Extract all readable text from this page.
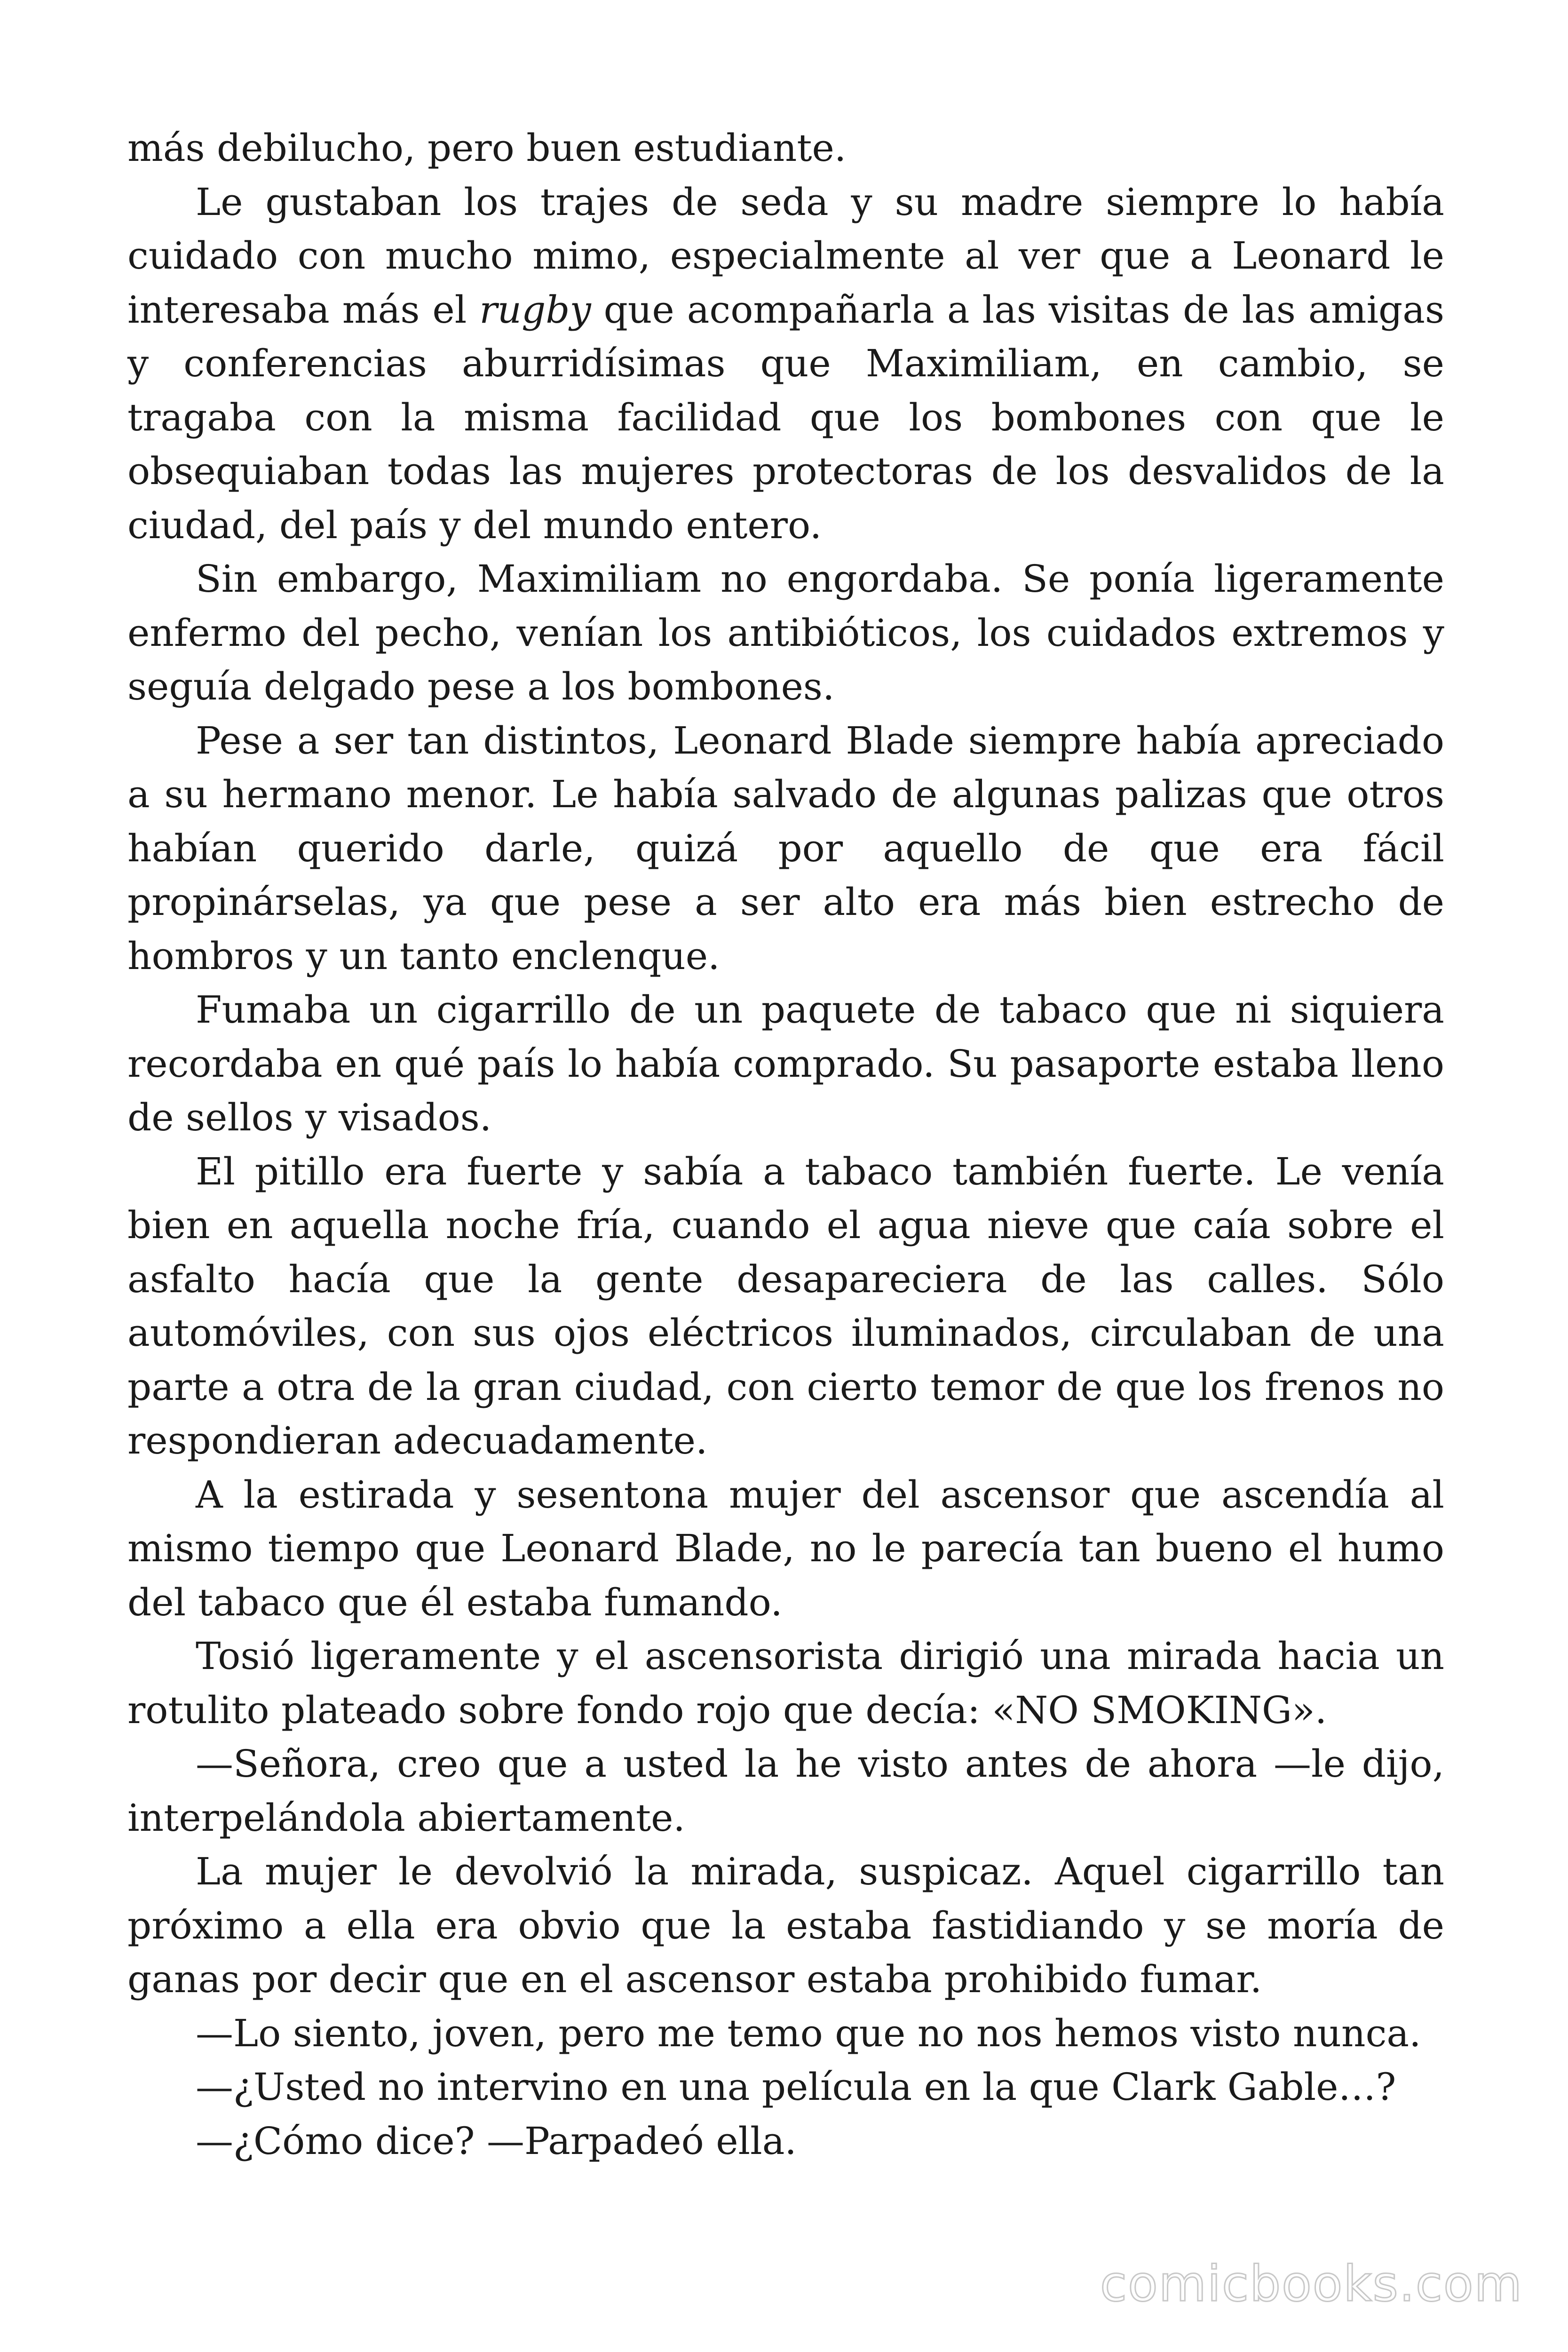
más debilucho, pero buen estudiante.

Le gustaban los trajes de seda y su madre siempre lo había cuidado con mucho mimo, especialmente al ver que a Leonard le interesaba más el rugby que acompañarla a las visitas de las amigas y conferencias aburridísimas que Maximiliam, en cambio, se tragaba con la misma facilidad que los bombones con que le obsequiaban todas las mujeres protectoras de los desvalidos de la ciudad, del país y del mundo entero.

Sin embargo, Maximiliam no engordaba. Se ponía ligeramente enfermo del pecho, venían los antibióticos, los cuidados extremos y seguía delgado pese a los bombones.

Pese a ser tan distintos, Leonard Blade siempre había apreciado a su hermano menor. Le había salvado de algunas palizas que otros habían querido darle, quizá por aquello de que era fácil propinárselas, ya que pese a ser alto era más bien estrecho de hombros y un tanto enclenque.

Fumaba un cigarrillo de un paquete de tabaco que ni siquiera recordaba en qué país lo había comprado. Su pasaporte estaba lleno de sellos y visados.

El pitillo era fuerte y sabía a tabaco también fuerte. Le venía bien en aquella noche fría, cuando el agua nieve que caía sobre el asfalto hacía que la gente desapareciera de las calles. Sólo automóviles, con sus ojos eléctricos iluminados, circulaban de una parte a otra de la gran ciudad, con cierto temor de que los frenos no respondieran adecuadamente.

A la estirada y sesentona mujer del ascensor que ascendía al mismo tiempo que Leonard Blade, no le parecía tan bueno el humo del tabaco que él estaba fumando.

Tosió ligeramente y el ascensorista dirigió una mirada hacia un rotulito plateado sobre fondo rojo que decía: «NO SMOKING».

—Señora, creo que a usted la he visto antes de ahora —le dijo, interpelándola abiertamente.

La mujer le devolvió la mirada, suspicaz. Aquel cigarrillo tan próximo a ella era obvio que la estaba fastidiando y se moría de ganas por decir que en el ascensor estaba prohibido fumar.

—Lo siento, joven, pero me temo que no nos hemos visto nunca.

—¿Usted no intervino en una película en la que Clark Gable…?

—¿Cómo dice? —Parpadeó ella.

comicbooks.com
